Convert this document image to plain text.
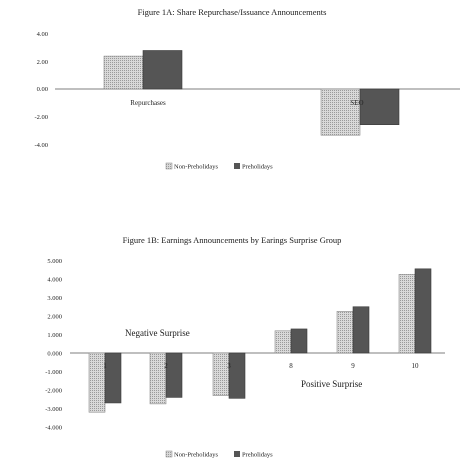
Figure 1A: Share Repurchase/Issuance Announcements
4.00
2.00
0.00
-2.00
-4.00
Repurchases	SEO
Non-Preholidays	Preholidays
Figure 1B: Earnings Announcements by Earings Surprise Group
5.000
4.000
3.000
2.000
1.000
0.000
-1.000
-2.000
-3.000
-4.000
1	2	3	8	9	10
Negative Surprise
Positive Surprise
Non-Preholidays	Preholidays
